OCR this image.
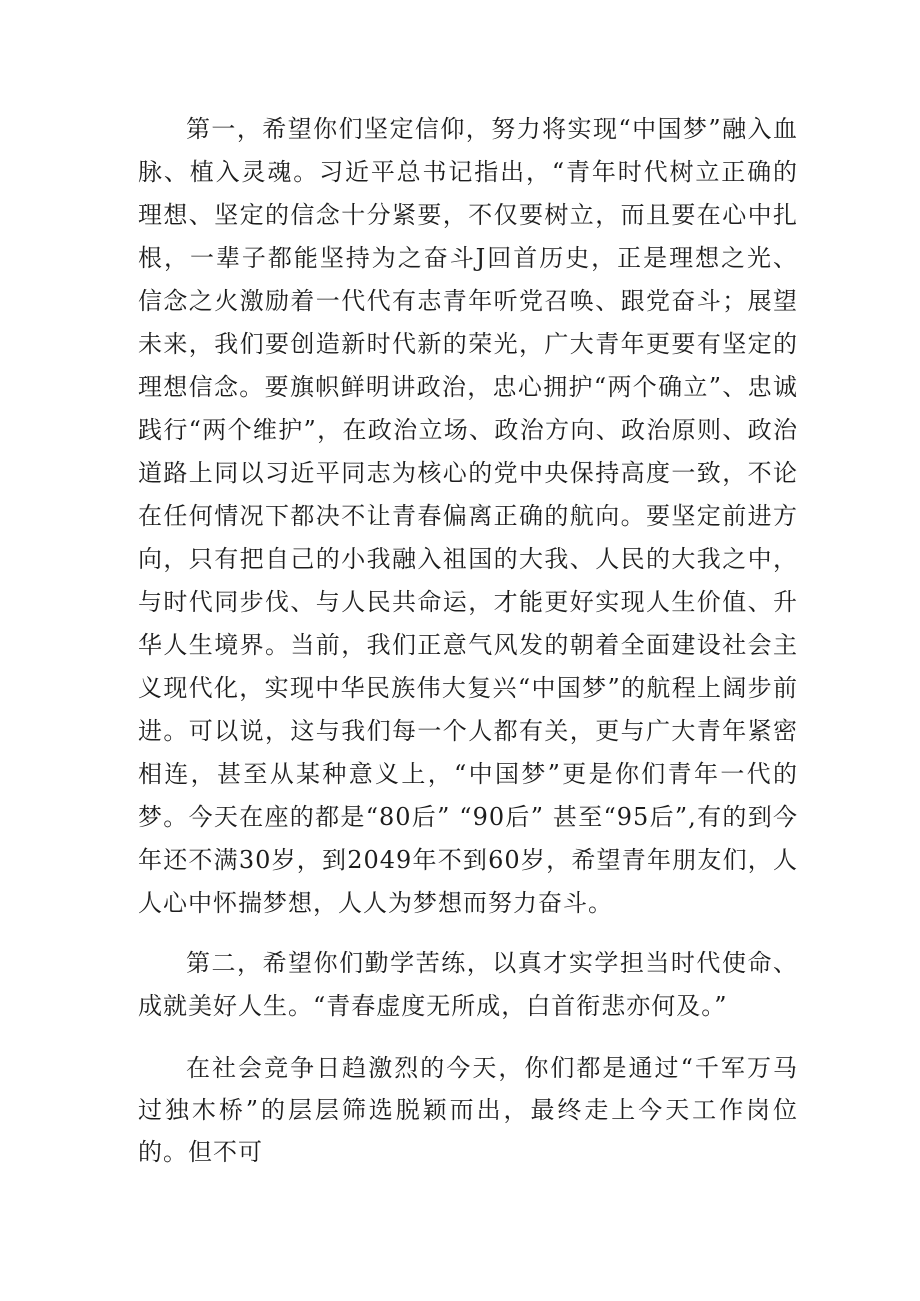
第一，希望你们坚定信仰，努力将实现“中国梦”融入血脉、植入灵魂。习近平总书记指出，“青年时代树立正确的理想、坚定的信念十分紧要，不仅要树立，而且要在心中扎根，一辈子都能坚持为之奋斗J回首历史，正是理想之光、信念之火激励着一代代有志青年听党召唤、跟党奋斗；展望未来，我们要创造新时代新的荣光，广大青年更要有坚定的理想信念。要旗帜鲜明讲政治，忠心拥护“两个确立”、忠诚践行“两个维护”，在政治立场、政治方向、政治原则、政治道路上同以习近平同志为核心的党中央保持高度一致，不论在任何情况下都决不让青春偏离正确的航向。要坚定前进方向，只有把自己的小我融入祖国的大我、人民的大我之中，与时代同步伐、与人民共命运，才能更好实现人生价值、升华人生境界。当前，我们正意气风发的朝着全面建设社会主义现代化，实现中华民族伟大复兴“中国梦”的航程上阔步前进。可以说，这与我们每一个人都有关，更与广大青年紧密相连，甚至从某种意义上，“中国梦”更是你们青年一代的梦。今天在座的都是“80后” “90后” 甚至“95后”,有的到今年还不满30岁，到2049年不到60岁，希望青年朋友们，人人心中怀揣梦想，人人为梦想而努力奋斗。

第二，希望你们勤学苦练，以真才实学担当时代使命、成就美好人生。“青春虚度无所成，白首衔悲亦何及。”

在社会竞争日趋激烈的今天，你们都是通过“千军万马过独木桥”的层层筛选脱颖而出，最终走上今天工作岗位的。但不可
